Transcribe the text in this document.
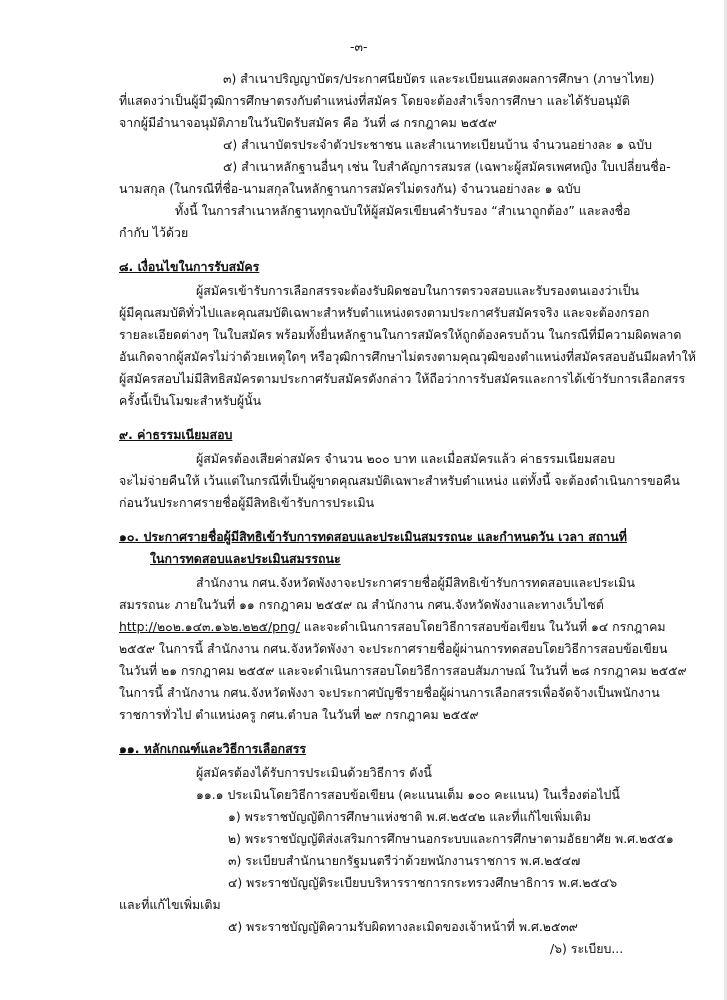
-๓-
๓) สำเนาปริญญาบัตร/ประกาศนียบัตร และระเบียนแสดงผลการศึกษา (ภาษาไทย)
ที่แสดงว่าเป็นผู้มีวุฒิการศึกษาตรงกับตำแหน่งที่สมัคร โดยจะต้องสำเร็จการศึกษา และได้รับอนุมัติ
จากผู้มีอำนาจอนุมัติภายในวันปิดรับสมัคร คือ วันที่ ๘ กรกฎาคม ๒๕๕๙
๔) สำเนาบัตรประจำตัวประชาชน และสำเนาทะเบียนบ้าน จำนวนอย่างละ ๑ ฉบับ
๕) สำเนาหลักฐานอื่นๆ เช่น ใบสำคัญการสมรส (เฉพาะผู้สมัครเพศหญิง ใบเปลี่ยนชื่อ-
นามสกุล (ในกรณีที่ชื่อ-นามสกุลในหลักฐานการสมัครไม่ตรงกัน) จำนวนอย่างละ ๑ ฉบับ
ทั้งนี้ ในการสำเนาหลักฐานทุกฉบับให้ผู้สมัครเขียนคำรับรอง “สำเนาถูกต้อง” และลงชื่อ
กำกับ ไว้ด้วย
๘. เงื่อนไขในการรับสมัคร
ผู้สมัครเข้ารับการเลือกสรรจะต้องรับผิดชอบในการตรวจสอบและรับรองตนเองว่าเป็น
ผู้มีคุณสมบัติทั่วไปและคุณสมบัติเฉพาะสำหรับตำแหน่งตรงตามประกาศรับสมัครจริง และจะต้องกรอก
รายละเอียดต่างๆ ในใบสมัคร พร้อมทั้งยื่นหลักฐานในการสมัครให้ถูกต้องครบถ้วน ในกรณีที่มีความผิดพลาด
อันเกิดจากผู้สมัครไม่ว่าด้วยเหตุใดๆ หรือวุฒิการศึกษาไม่ตรงตามคุณวุฒิของตำแหน่งที่สมัครสอบอันมีผลทำให้
ผู้สมัครสอบไม่มีสิทธิสมัครตามประกาศรับสมัครดังกล่าว ให้ถือว่าการรับสมัครและการได้เข้ารับการเลือกสรร
ครั้งนี้เป็นโมฆะสำหรับผู้นั้น
๙. ค่าธรรมเนียมสอบ
ผู้สมัครต้องเสียค่าสมัคร จำนวน ๒๐๐ บาท และเมื่อสมัครแล้ว ค่าธรรมเนียมสอบ
จะไม่จ่ายคืนให้ เว้นแต่ในกรณีที่เป็นผู้ขาดคุณสมบัติเฉพาะสำหรับตำแหน่ง แต่ทั้งนี้ จะต้องดำเนินการขอคืน
ก่อนวันประกาศรายชื่อผู้มีสิทธิเข้ารับการประเมิน
๑๐. ประกาศรายชื่อผู้มีสิทธิเข้ารับการทดสอบและประเมินสมรรถนะ และกำหนดวัน เวลา สถานที่
ในการทดสอบและประเมินสมรรถนะ
สำนักงาน กศน.จังหวัดพังงาจะประกาศรายชื่อผู้มีสิทธิเข้ารับการทดสอบและประเมิน
สมรรถนะ ภายในวันที่ ๑๑ กรกฎาคม ๒๕๕๙ ณ สำนักงาน กศน.จังหวัดพังงาและทางเว็บไซต์
http://๒๐๒.๑๔๓.๑๖๒.๒๒๕/png/ และจะดำเนินการสอบโดยวิธีการสอบข้อเขียน ในวันที่ ๑๔ กรกฎาคม
๒๕๕๙ ในการนี้ สำนักงาน กศน.จังหวัดพังงา จะประกาศรายชื่อผู้ผ่านการทดสอบโดยวิธีการสอบข้อเขียน
ในวันที่ ๒๑ กรกฎาคม ๒๕๕๙ และจะดำเนินการสอบโดยวิธีการสอบสัมภาษณ์ ในวันที่ ๒๘ กรกฎาคม ๒๕๕๙
ในการนี้ สำนักงาน กศน.จังหวัดพังงา จะประกาศบัญชีรายชื่อผู้ผ่านการเลือกสรรเพื่อจัดจ้างเป็นพนักงาน
ราชการทั่วไป ตำแหน่งครู กศน.ตำบล ในวันที่ ๒๙ กรกฎาคม ๒๕๕๙
๑๑. หลักเกณฑ์และวิธีการเลือกสรร
ผู้สมัครต้องได้รับการประเมินด้วยวิธีการ ดังนี้
๑๑.๑ ประเมินโดยวิธีการสอบข้อเขียน (คะแนนเต็ม ๑๐๐ คะแนน) ในเรื่องต่อไปนี้
๑) พระราชบัญญัติการศึกษาแห่งชาติ พ.ศ.๒๕๔๒ และที่แก้ไขเพิ่มเติม
๒) พระราชบัญญัติส่งเสริมการศึกษานอกระบบและการศึกษาตามอัธยาศัย พ.ศ.๒๕๕๑
๓) ระเบียบสำนักนายกรัฐมนตรีว่าด้วยพนักงานราชการ พ.ศ.๒๕๔๗
๔) พระราชบัญญัติระเบียบบริหารราชการกระทรวงศึกษาธิการ พ.ศ.๒๕๔๖
และที่แก้ไขเพิ่มเติม
๕) พระราชบัญญัติความรับผิดทางละเมิดของเจ้าหน้าที่ พ.ศ.๒๕๓๙
/๖) ระเบียบ...
